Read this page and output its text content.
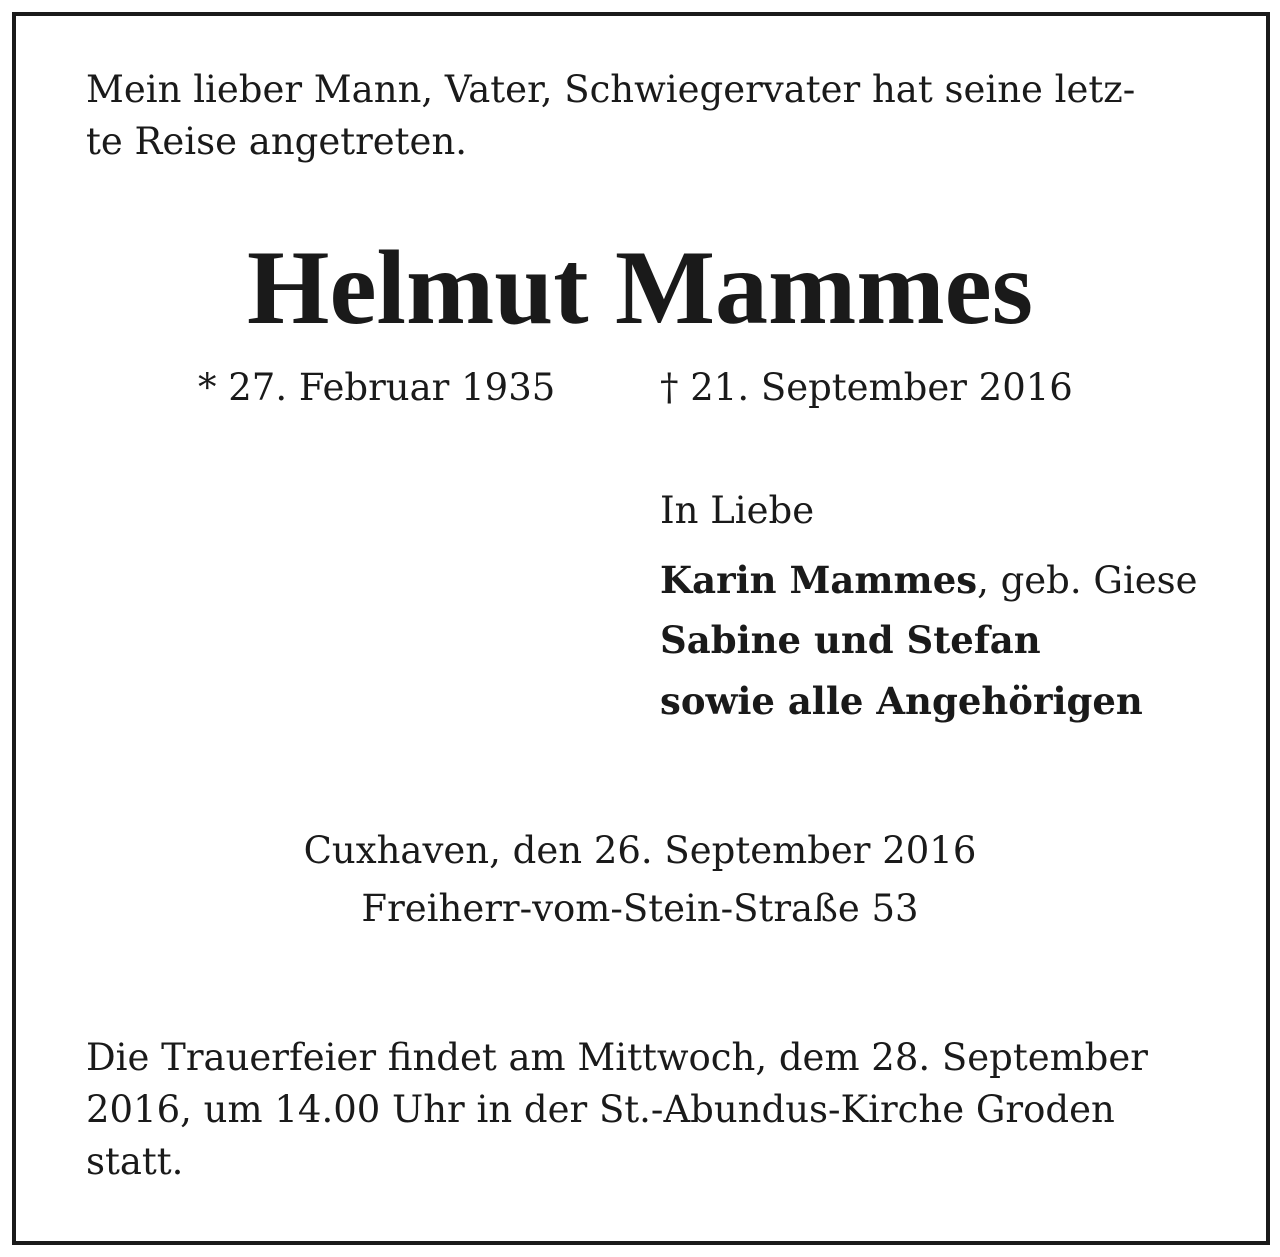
Mein lieber Mann, Vater, Schwiegervater hat seine letz-
te Reise angetreten.
Helmut Mammes
* 27. Februar 1935	† 21. September 2016
In Liebe
Karin Mammes, geb. Giese
Sabine und Stefan
sowie alle Angehörigen
Cuxhaven, den 26. September 2016
Freiherr-vom-Stein-Straße 53
Die Trauerfeier findet am Mittwoch, dem 28. September
2016, um 14.00 Uhr in der St.-Abundus-Kirche Groden
statt.
